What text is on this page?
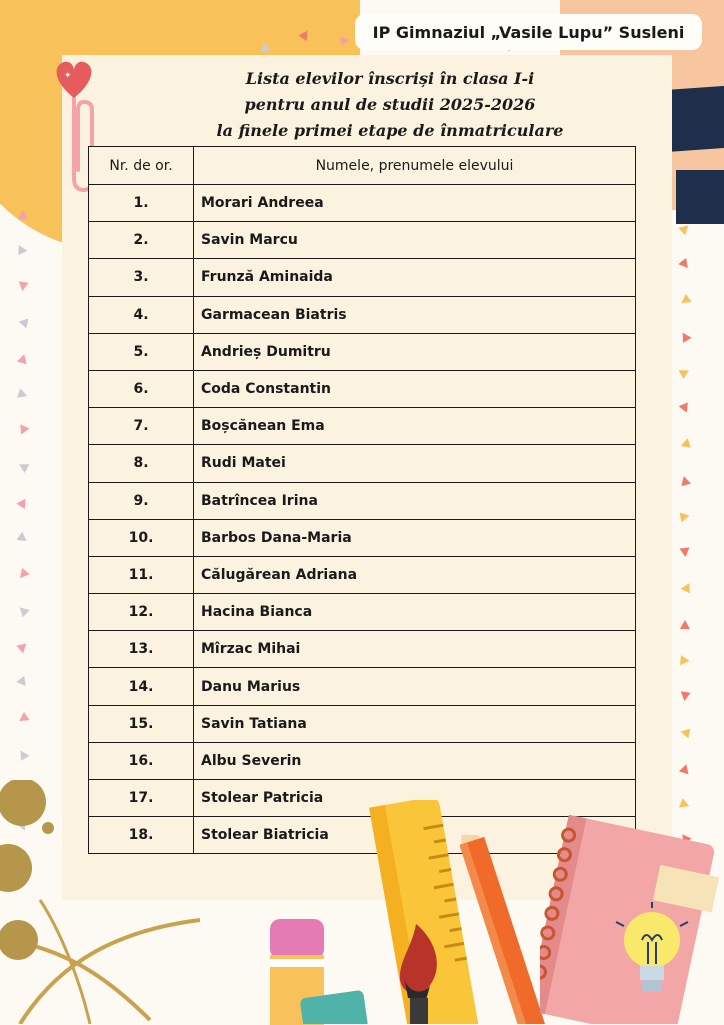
✦
IP Gimnaziul „Vasile Lupu” Susleni
Lista elevilor înscriși în clasa I-i
pentru anul de studii 2025-2026
la finele primei etape de înmatriculare
Nr. de or.	Numele, prenumele elevului
1.	Morari Andreea
2.	Savin Marcu
3.	Frunză Aminaida
4.	Garmacean Biatris
5.	Andrieș Dumitru
6.	Coda Constantin
7.	Boșcănean Ema
8.	Rudi Matei
9.	Batrîncea Irina
10.	Barbos Dana-Maria
11.	Călugărean Adriana
12.	Hacina Bianca
13.	Mîrzac Mihai
14.	Danu Marius
15.	Savin Tatiana
16.	Albu Severin
17.	Stolear Patricia
18.	Stolear Biatricia
